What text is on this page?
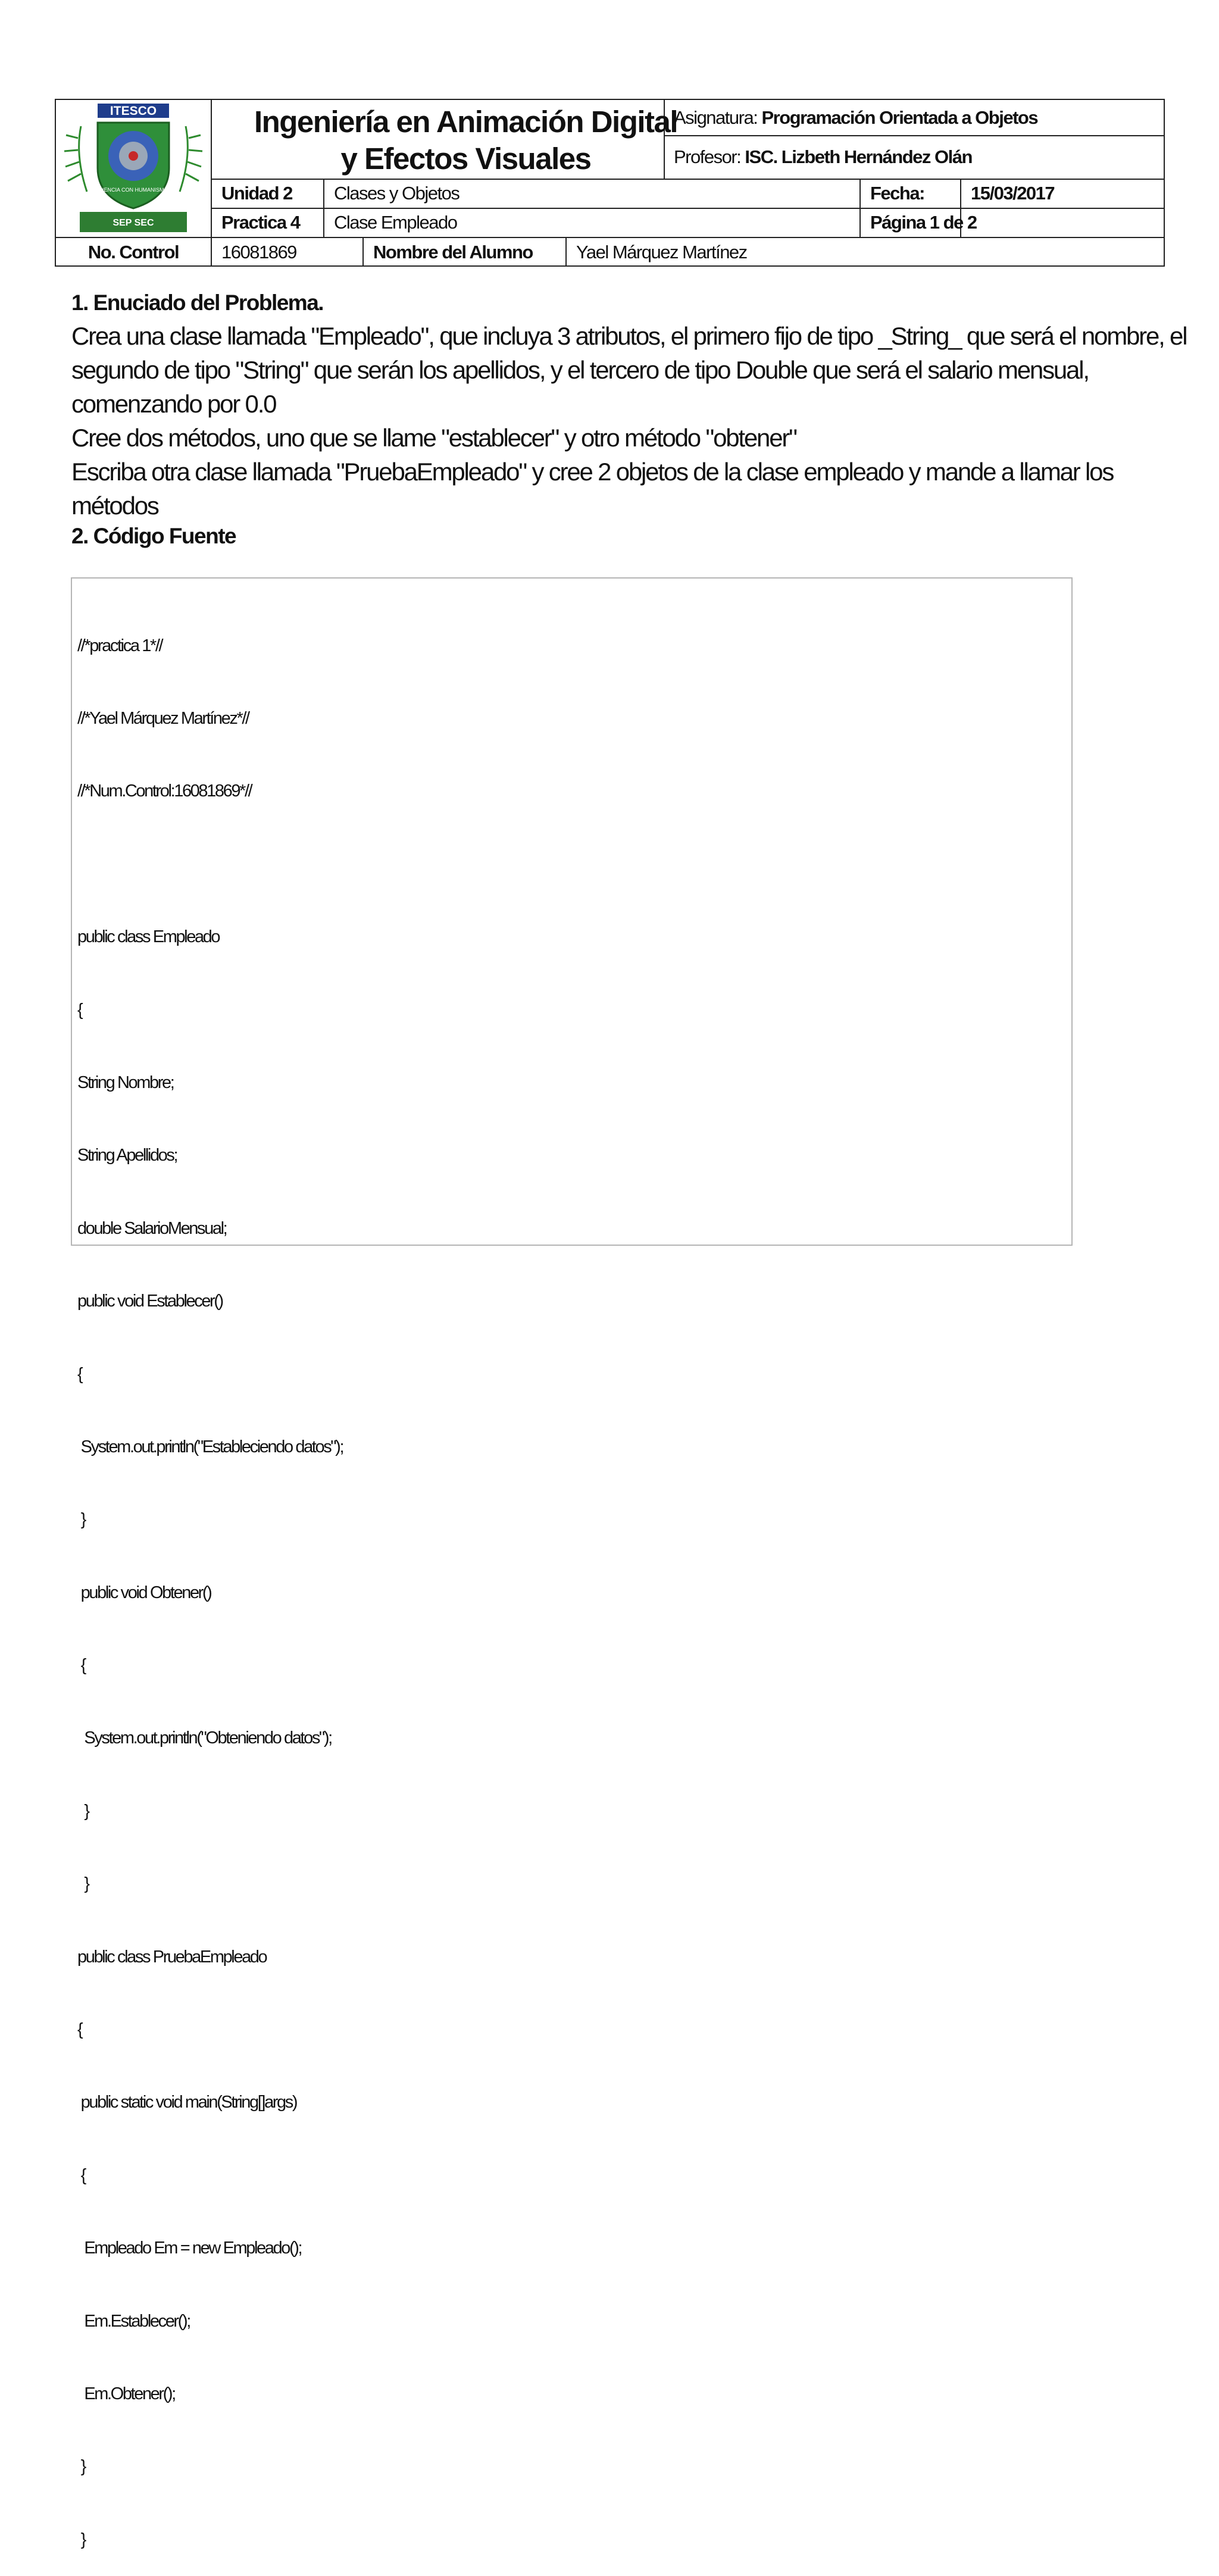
ITESCO
CIENCIA CON HUMANISMO
SEP SEC
Ingeniería en Animación Digital
y Efectos Visuales
Asignatura:
Programación Orientada a Objetos
Profesor:
ISC. Lizbeth Hernández Olán
Unidad 2	Clases y Objetos	Fecha:	15/03/2017
Practica 4	Clase Empleado	Página 1 de 2
No. Control	16081869	Nombre del Alumno	Yael Márquez Martínez
1. Enuciado del Problema.
Crea una clase llamada "Empleado", que incluya 3 atributos, el primero fijo de tipo _String_ que será el nombre, el
segundo de tipo "String" que serán los apellidos, y el tercero de tipo Double que será el salario mensual,
comenzando por 0.0
Cree dos métodos, uno que se llame "establecer" y otro método "obtener"
Escriba otra clase llamada "PruebaEmpleado" y cree 2 objetos de la clase empleado y mande a llamar los
métodos
2. Código Fuente

//*practica 1*//

//*Yael Márquez Martínez*//

//*Num.Control:16081869*//

public class Empleado

{

String Nombre;

String Apellidos;

double SalarioMensual;

public void Establecer()

{

System.out.println("Estableciendo datos");

}

public void Obtener()

{

System.out.println("Obteniendo datos");

}

}

public class PruebaEmpleado

{

public static void main(String[]args)

{

Empleado Em = new Empleado();

Em.Establecer();

Em.Obtener();

}

}
